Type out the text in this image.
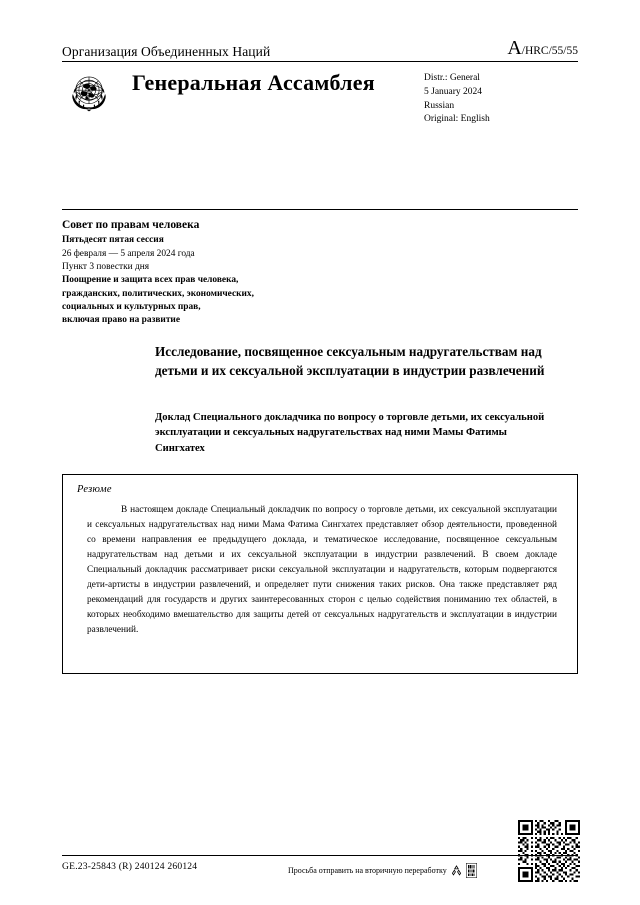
Организация Объединенных Наций	A/HRC/55/55
Генеральная Ассамблея	Distr.: General
5 January 2024
Russian
Original: English
Совет по правам человека
Пятьдесят пятая сессия
26 февраля — 5 апреля 2024 года
Пункт 3 повестки дня
Поощрение и защита всех прав человека,
гражданских, политических, экономических,
социальных и культурных прав,
включая право на развитие
Исследование, посвященное сексуальным надругательствам над детьми и их сексуальной эксплуатации в индустрии развлечений
Доклад Специального докладчика по вопросу о торговле детьми, их сексуальной эксплуатации и сексуальных надругательствах над ними Мамы Фатимы Сингхатех
Резюме
В настоящем докладе Специальный докладчик по вопросу о торговле детьми, их сексуальной эксплуатации и сексуальных надругательствах над ними Мама Фатима Сингхатех представляет обзор деятельности, проведенной со времени направления ее предыдущего доклада, и тематическое исследование, посвященное сексуальным надругательствам над детьми и их сексуальной эксплуатации в индустрии развлечений. В своем докладе Специальный докладчик рассматривает риски сексуальной эксплуатации и надругательств, которым подвергаются дети-артисты в индустрии развлечений, и определяет пути снижения таких рисков. Она также представляет ряд рекомендаций для государств и других заинтересованных сторон с целью содействия пониманию тех областей, в которых необходимо вмешательство для защиты детей от сексуальных надругательств и эксплуатации в индустрии развлечений.
GE.23-25843 (R) 240124 260124	Просьба отправить на вторичную переработку
